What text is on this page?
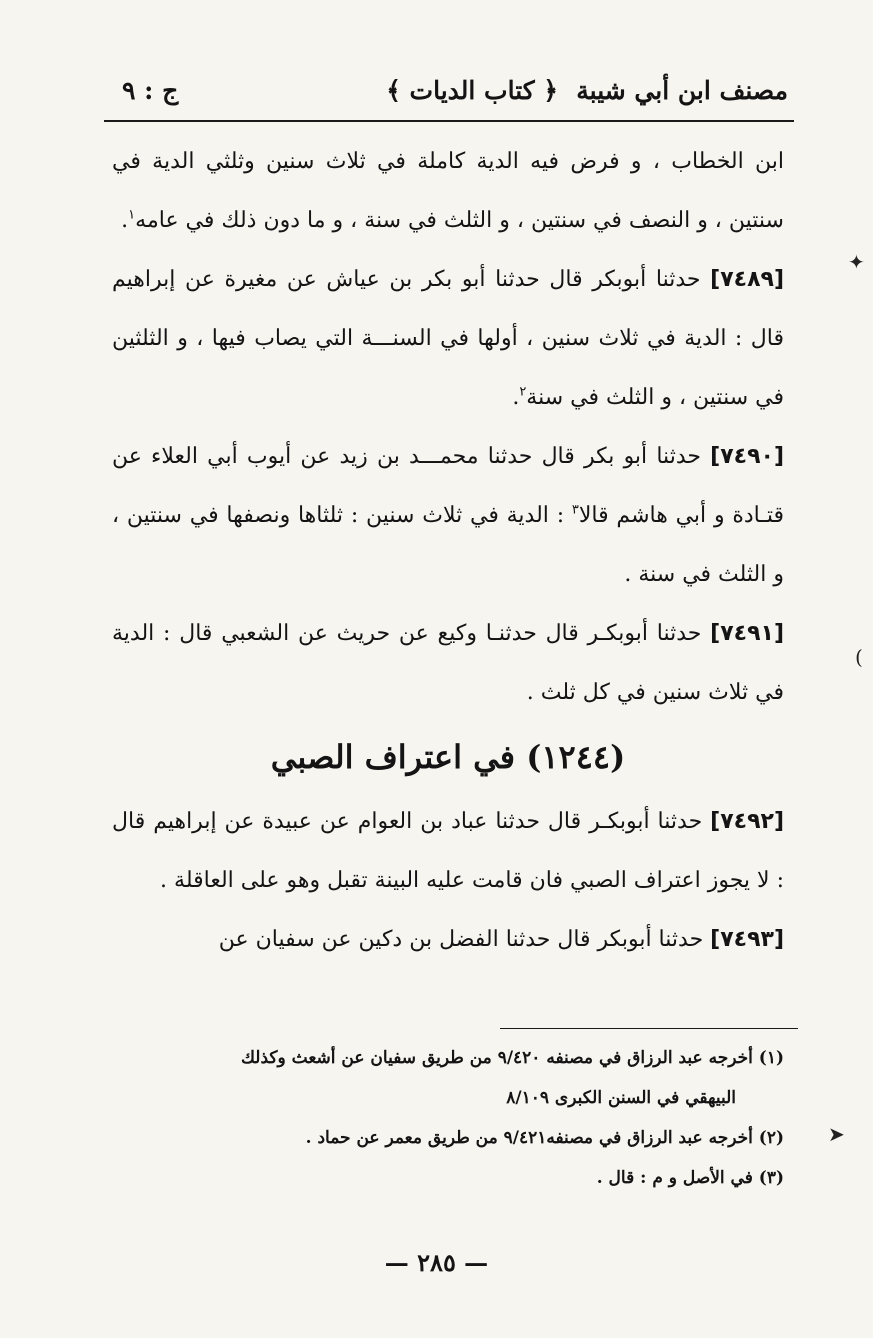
مصنف ابن أبي شيبة
﴿ كتاب الديات ﴾
ج : ٩

ابن الخطاب ، و فرض فيه الدية كاملة في ثلاث سنين وثلثي الدية في سنتين ، و النصف في سنتين ، و الثلث في سنة ، و ما دون ذلك في عامه$^١$.

[٧٤٨٩] حدثنا أبوبكر قال حدثنا أبو بكر بن عياش عن مغيرة عن إبراهيم قال : الدية في ثلاث سنين ، أولها في السنـــة التي يصاب فيها ، و الثلثين في سنتين ، و الثلث في سنة$^٢$.

[٧٤٩٠] حدثنا أبو بكر قال حدثنا محمـــد بن زيد عن أيوب أبي العلاء عن قتـادة و أبي هاشم قالا$^٣$ : الدية في ثلاث سنين : ثلثاها ونصفها في سنتين ، و الثلث في سنة .

[٧٤٩١] حدثنا أبوبكـر قال حدثنـا وكيع عن حريث عن الشعبي قال : الدية في ثلاث سنين في كل ثلث .

(١٢٤٤) في اعتراف الصبي

[٧٤٩٢] حدثنا أبوبكـر قال حدثنا عباد بن العوام عن عبيدة عن إبراهيم قال : لا يجوز اعتراف الصبي فان قامت عليه البينة تقبل وهو على العاقلة .

[٧٤٩٣] حدثنا أبوبكر قال حدثنا الفضل بن دكين عن سفيان عن

(١) أخرجه عبد الرزاق في مصنفه ٩/٤٢٠ من طريق سفيان عن أشعث وكذلك

البيهقي في السنن الكبرى ٨/١٠٩

(٢) أخرجه عبد الرزاق في مصنفه٩/٤٢١ من طريق معمر عن حماد .

(٣) في الأصل و م : قال .

— ٢٨٥ —
✦
)
➤
